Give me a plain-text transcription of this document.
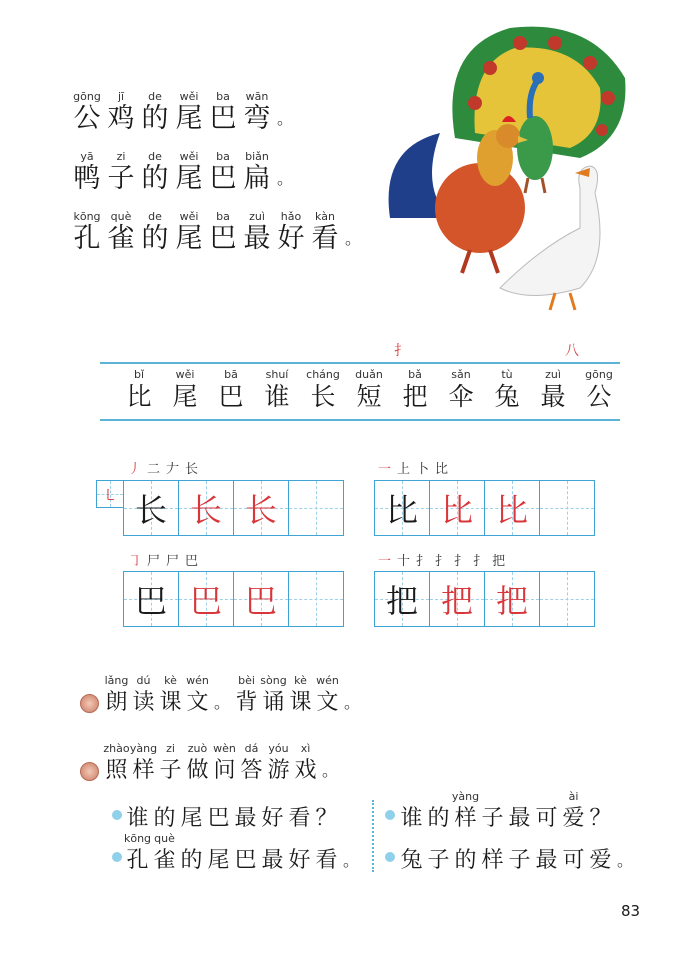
gōng
公
jī
鸡
de
的
wěi
尾
ba
巴
wān
弯 。
yā
鸭
zi
子
de
的
wěi
尾
ba
巴
biǎn
扁 。
kōng
孔
què
雀
de
的
wěi
尾
ba
巴
zuì
最
hǎo
好
kàn
看 。
扌	八
bǐ
比
wěi
尾
bā
巴
shuí
谁
cháng
长
duǎn
短
bǎ
把
sǎn
伞
tù
兔
zuì
最
gōng
公
丿 ⼆ 𠂇 长
㇄ 长 长 长
一 上 ⼘ 比
比 比 比
㇆ ⼫ ⼫ 巴
巴 巴 巴
一 十 扌 扌 扌 扌 把
把 把 把
lǎng
朗
dú
读
kè
课
wén
文 。
bèi
背
sòng
诵
kè
课
wén
文 。
zhào
照
yàng
样
zi
子
zuò
做
wèn
问
dá
答
yóu
游
xì
戏 。
谁 的 尾 巴 最 好 看 ？
kōng
孔
què
雀 的 尾 巴 最 好 看 。
谁 的
yàng
样 子 最 可
ài
爱 ？
兔 子 的 样 子 最 可 爱 。
83
